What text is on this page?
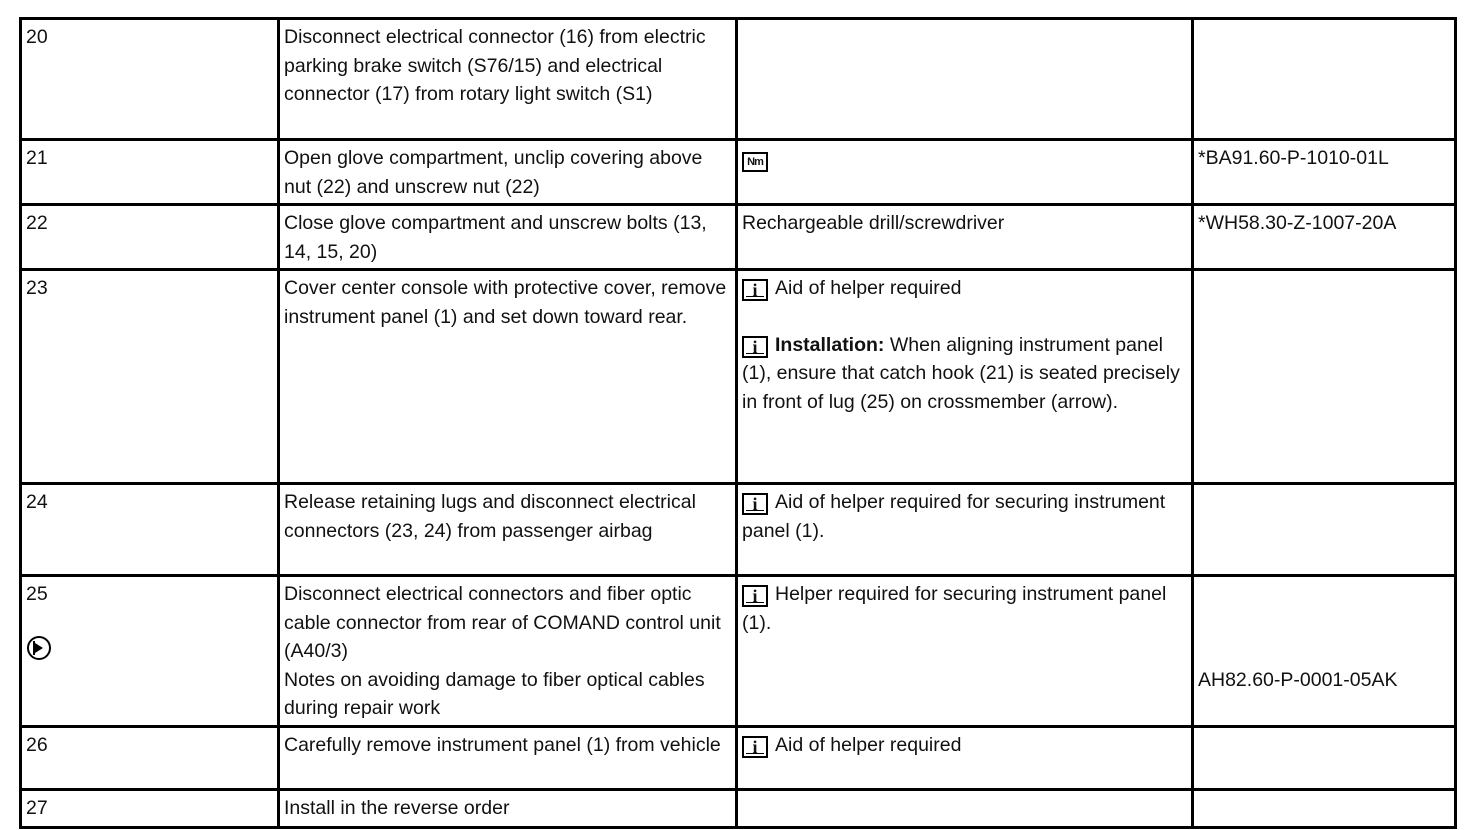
20	Disconnect electrical connector (16) from electric parking brake switch (S76/15) and electrical connector (17) from rotary light switch (S1)		
21	Open glove compartment, unclip covering above nut (22) and unscrew nut (22)	Nm	*BA91.60-P-1010-01L
22	Close glove compartment and unscrew bolts (13, 14, 15, 20)	Rechargeable drill/screwdriver	*WH58.30-Z-1007-20A
23	Cover center console with protective cover, remove instrument panel (1) and set down toward rear.	i Aid of helper required
i Installation: When aligning instrument panel (1), ensure that catch hook (21) is seated precisely in front of lug (25) on crossmember (arrow).	

24	Release retaining lugs and disconnect electrical connectors (23, 24) from passenger airbag	i Aid of helper required for securing instrument panel (1).	

25	Disconnect electrical connectors and fiber optic cable connector from rear of COMAND control unit (A40/3)
Notes on avoiding damage to fiber optical cables during repair work	i Helper required for securing instrument panel (1).	AH82.60-P-0001-05AK

26	Carefully remove instrument panel (1) from vehicle	i Aid of helper required	
27	Install in the reverse order		
